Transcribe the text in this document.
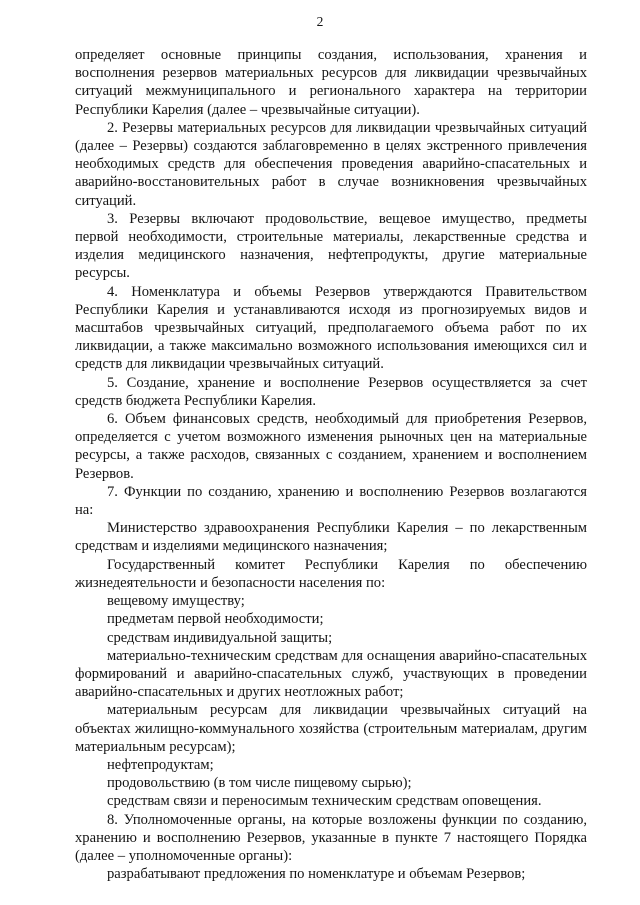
2

определяет основные принципы создания, использования, хранения и восполнения резервов материальных ресурсов для ликвидации чрезвычайных ситуаций межмуниципального и регионального характера на территории Республики Карелия (далее – чрезвычайные ситуации).

2. Резервы материальных ресурсов для ликвидации чрезвычайных ситуаций (далее – Резервы) создаются заблаговременно в целях экстренного привлечения необходимых средств для обеспечения проведения аварийно-спасательных и аварийно-восстановительных работ в случае возникновения чрезвычайных ситуаций.

3. Резервы включают продовольствие, вещевое имущество, предметы первой необходимости, строительные материалы, лекарственные средства и изделия медицинского назначения, нефтепродукты, другие материальные ресурсы.

4. Номенклатура и объемы Резервов утверждаются Правительством Республики Карелия и устанавливаются исходя из прогнозируемых видов и масштабов чрезвычайных ситуаций, предполагаемого объема работ по их ликвидации, а также максимально возможного использования имеющихся сил и средств для ликвидации чрезвычайных ситуаций.

5. Создание, хранение и восполнение Резервов осуществляется за счет средств бюджета Республики Карелия.

6. Объем финансовых средств, необходимый для приобретения Резервов, определяется с учетом возможного изменения рыночных цен на материальные ресурсы, а также расходов, связанных с созданием, хранением и восполнением Резервов.

7. Функции по созданию, хранению и восполнению Резервов возлагаются на:

Министерство здравоохранения Республики Карелия – по лекарственным средствам и изделиями медицинского назначения;

Государственный комитет Республики Карелия по обеспечению жизнедеятельности и безопасности населения по:

вещевому имуществу;

предметам первой необходимости;

средствам индивидуальной защиты;

материально-техническим средствам для оснащения аварийно-спасательных формирований и аварийно-спасательных служб, участвующих в проведении аварийно-спасательных и других неотложных работ;

материальным ресурсам для ликвидации чрезвычайных ситуаций на объектах жилищно-коммунального хозяйства (строительным материалам, другим материальным ресурсам);

нефтепродуктам;

продовольствию (в том числе пищевому сырью);

средствам связи и переносимым техническим средствам оповещения.

8. Уполномоченные органы, на которые возложены функции по созданию, хранению и восполнению Резервов, указанные в пункте 7 настоящего Порядка (далее – уполномоченные органы):

разрабатывают предложения по номенклатуре и объемам Резервов;
